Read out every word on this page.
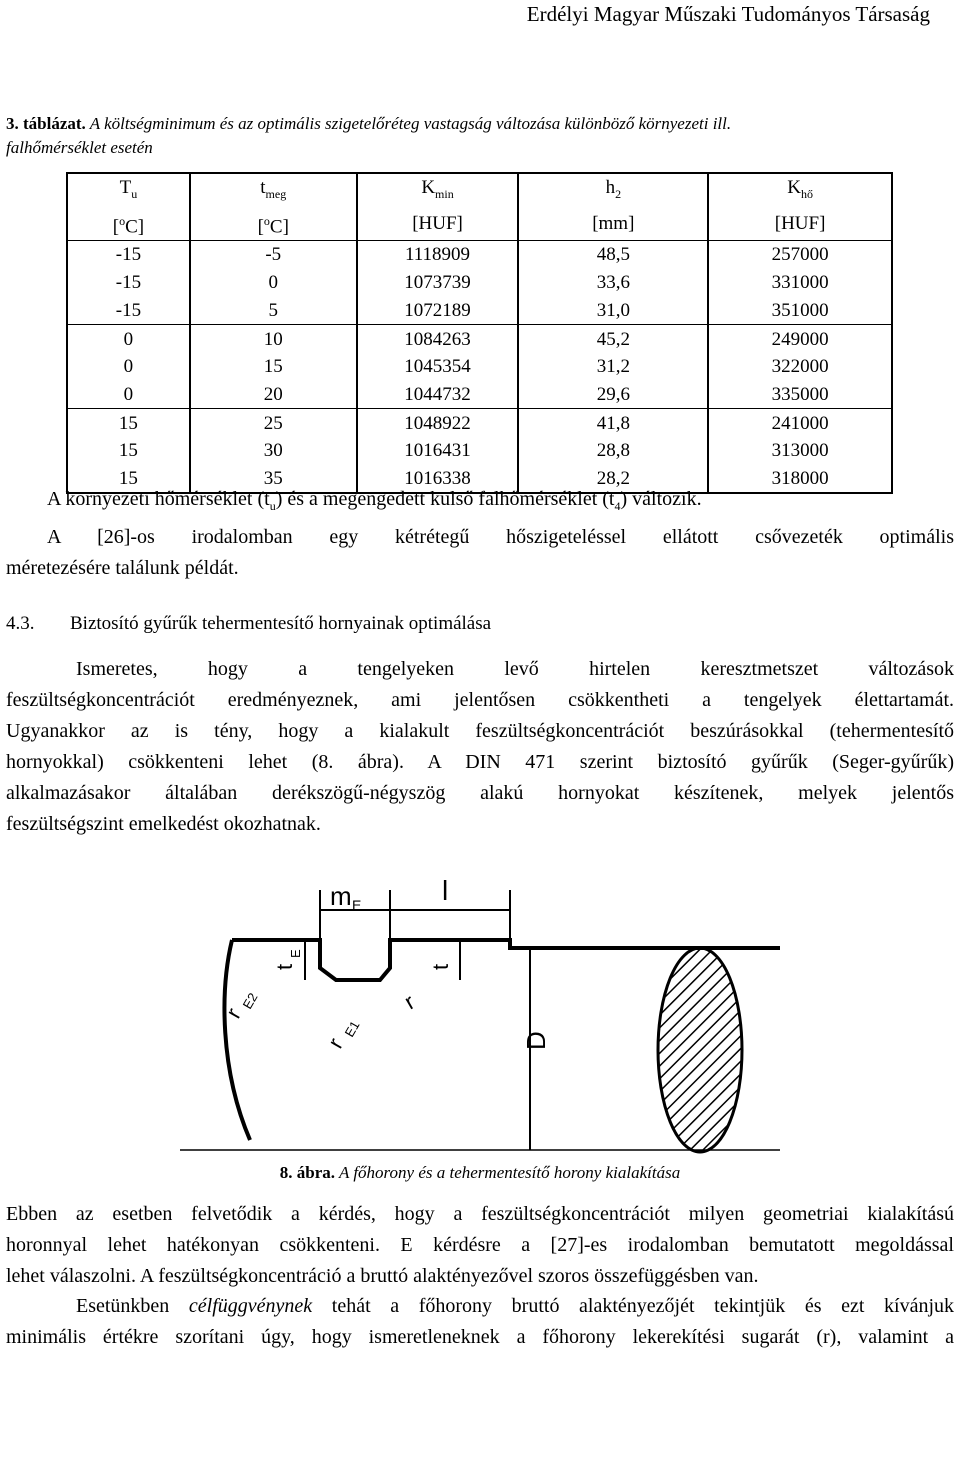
Erdélyi Magyar Műszaki Tudományos Társaság
3. táblázat. A költségminimum és az optimális szigetelőréteg vastagság változása különböző környezeti ill.
falhőmérséklet esetén
$T_u$	$t_{meg}$	$K_{min}$	$h_2$	$K_{hő}$
[$^o$C]	[$^o$C]	[HUF]	[mm]	[HUF]
-15	-5	1118909	48,5	257000
-15	0	1073739	33,6	331000
-15	5	1072189	31,0	351000
0	10	1084263	45,2	249000
0	15	1045354	31,2	322000
0	20	1044732	29,6	335000
15	25	1048922	41,8	241000
15	30	1016431	28,8	313000
15	35	1016338	28,2	318000
A környezeti hőmérséklet $(t_u)$ és a megengedett külső falhőmérséklet $(t_4)$ változik.
A [26]-os irodalomban egy kétrétegű hőszigeteléssel ellátott csővezeték optimális
méretezésére találunk példát.
4.3. Biztosító gyűrűk tehermentesítő hornyainak optimálása
Ismeretes, hogy a tengelyeken levő hirtelen keresztmetszet változások
feszültségkoncentrációt eredményeznek, ami jelentősen csökkentheti a tengelyek élettartamát.
Ugyanakkor az is tény, hogy a kialakult feszültségkoncentrációt beszúrásokkal (tehermentesítő
hornyokkal) csökkenteni lehet (8. ábra). A DIN 471 szerint biztosító gyűrűk (Seger-gyűrűk)
alkalmazásakor általában derékszögű-négyszög alakú hornyokat készítenek, melyek jelentős
feszültségszint emelkedést okozhatnak.
m E	l
t
E
t
r
E2
r
E1
r
D
8. ábra. A főhorony és a tehermentesítő horony kialakítása
Ebben az esetben felvetődik a kérdés, hogy a feszültségkoncentrációt milyen geometriai kialakítású
horonnyal lehet hatékonyan csökkenteni. E kérdésre a [27]-es irodalomban bemutatott megoldással
lehet válaszolni. A feszültségkoncentráció a bruttó alaktényezővel szoros összefüggésben van.
Esetünkben célfüggvénynek tehát a főhorony bruttó alaktényezőjét tekintjük és ezt kívánjuk
minimális értékre szorítani úgy, hogy ismeretleneknek a főhorony lekerekítési sugarát (r), valamint a
